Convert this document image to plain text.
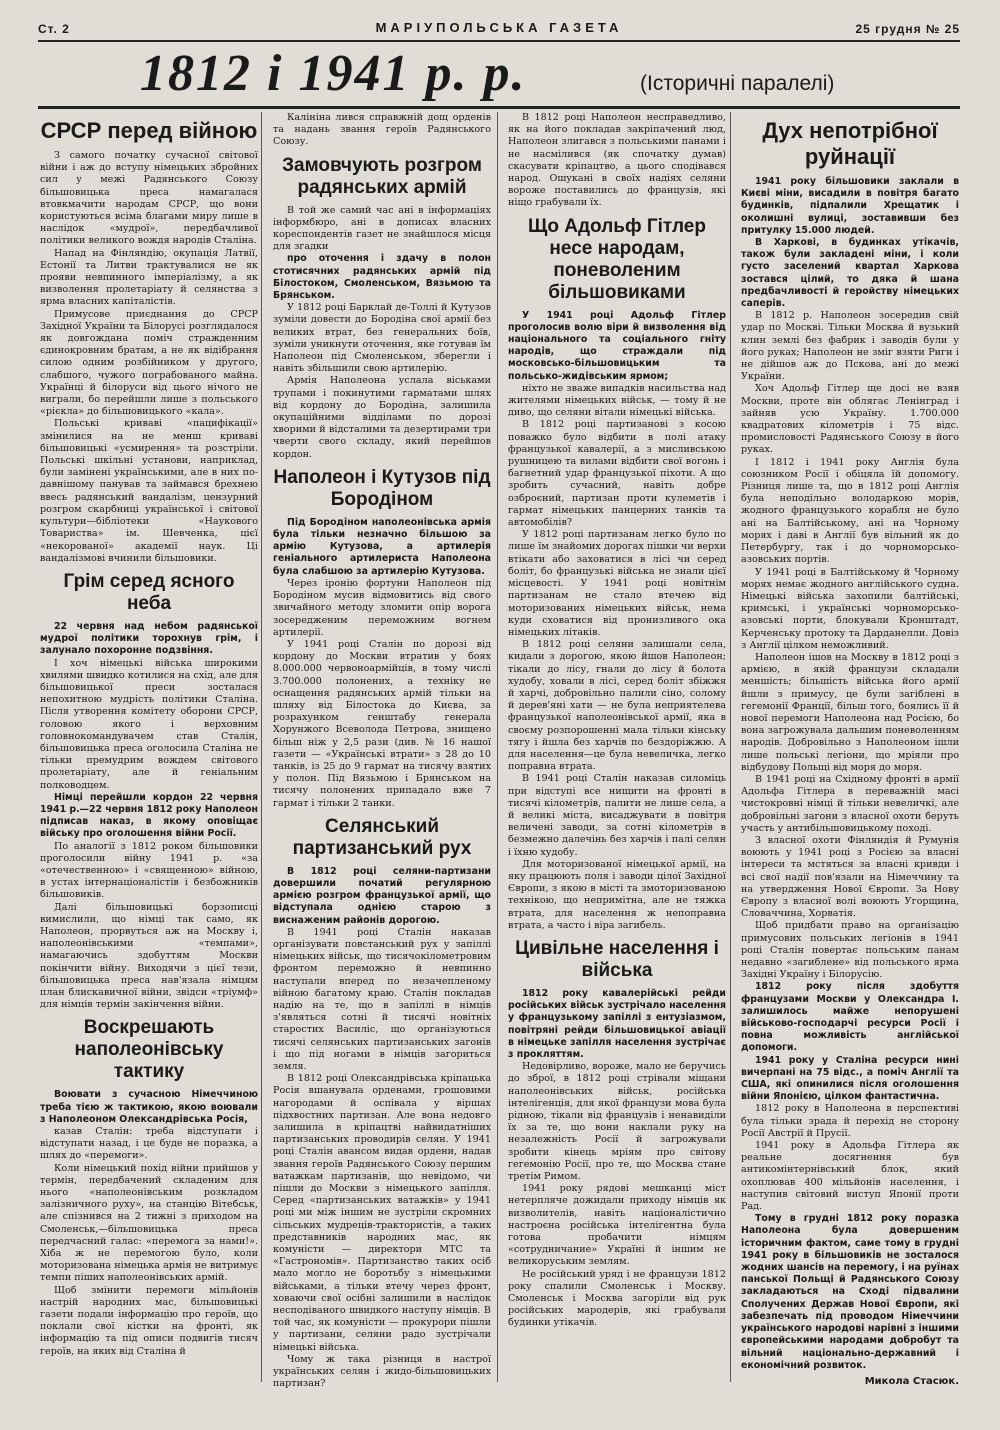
Ст. 2	МАРІУПОЛЬСЬКА ГАЗЕТА	25 грудня № 25
1812 і 1941 р. р.	(Історичні паралелі)
СРСР перед війною

З самого початку сучасної світової війни і аж до вступу німецьких збройних сил у межі Радянського Союзу більшовицька преса намагалася втовкмачити народам СРСР, що вони користуються всіма благами миру лише в наслідок «мудрої», передбачливої політики великого вождя народів Сталіна.

Напад на Фінляндію, окупація Латвії, Естонії та Литви трактувалися не як прояви невпинного імперіалізму, а як визволення пролетаріату й селянства з ярма власних капіталістів.

Примусове приєднання до СРСР Західної України та Білорусі розглядалося як довгождана поміч стражденним єдинокровним братам, а не як відібрання силою одним розбійником у другого, слабшого, чужого пограбованого майна. Українці й білоруси від цього нічого не виграли, бо перейшли лише з польського «рієкла» до більшовицького «кала».

Польські криваві «пацифікації» змінилися на не менш криваві більшовицькі «усмирення» та розстріли. Польські шкільні установи, наприклад, були замінені українськими, але в них по-давнішому панував та займався брехнею ввесь радянський вандалізм, цензурний розгром скарбниці української і світової культури—бібліотеки «Наукового Товариства» ім. Шевченка, цієї «некорованої» академії наук. Ці вандалізмові вчинили більшовики.

Грім серед ясного неба

22 червня над небом радянської мудрої політики торохнув грім, і залунало похоронне подзвіння.

І хоч німецькі війська широкими хвилями швидко котилися на схід, але для більшовицької преси зосталася непохитною мудрість політики Сталіна. Після утворення комітету оборони СРСР, головою якого і верховним головнокомандувачем став Сталін, більшовицька преса оголосила Сталіна не тільки премудрим вождем світового пролетаріату, але й геніальним полководцем.

Німці перейшли кордон 22 червня 1941 р.—22 червня 1812 року Наполеон підписав наказ, в якому оповіщає війську про оголошення війни Росії.

По аналогії з 1812 роком більшовики проголосили війну 1941 р. «за «отечественною» і «священною» війною, в устах інтернаціоналістів і безбожників більшовиків.

Далі більшовицькі борзописці вимислили, що німці так само, як Наполеон, прорвуться аж на Москву і, наполеонівськими «темпами», намагаючись здобуттям Москви покінчити війну. Виходячи з цієї тези, більшовицька преса нав'язала німцям план блискавичної війни, звідси «тріумф» для німців термін закінчення війни.

Воскрешають наполеонівську тактику

Воювати з сучасною Німеччиною треба тією ж тактикою, якою воювали з Наполеоном Олександрівська Росія,

казав Сталін: треба відступати і відступати назад, і це буде не поразка, а шлях до «перемоги».

Коли німецький похід війни прийшов у термін, передбачений складеним для нього «наполеонівським розкладом залізничного руху», на станцію Вітебськ, але спізнився на 2 тижні з приходом на Смоленськ,—більшовицька преса передчасний галас: «перемога за нами!». Хіба ж не перемогою було, коли моторизована німецька армія не витримує темпи піших наполеонівських армій.

Щоб змінити перемоги мільйонів настрій народних мас, більшовицькі газети подали інформацію про героїв, що поклали свої кістки на фронті, як інформацію та під описи подвигів тисяч героїв, на яких від Сталіна й

Калініна лився справжній дощ орденів та надань звання героїв Радянського Союзу.

Замовчують розгром радянських армій

В той же самий час ані в інформаціях інформбюро, ані в дописах власних кореспондентів газет не знайшлося місця для згадки

про оточення і здачу в полон стотисячних радянських армій під Білостоком, Смоленськом, Вязьмою та Брянськом.

У 1812 році Барклай де-Толлі й Кутузов зуміли довести до Бородіна свої армії без великих втрат, без генеральних боїв, зуміли уникнути оточення, яке готував їм Наполеон під Смоленськом, зберегли і навіть збільшили свою артилерію.

Армія Наполеона услала віськами трупами і покинутими гарматами шлях від кордону до Бородіна, залишила окупаційними відділами по дорозі хворими й відсталими та дезертирами три чверти свого складу, який перейшов кордон.

Наполеон і Кутузов під Бородіном

Під Бородіном наполеонівська армія була тільки незначно більшою за армію Кутузова, а артилерія геніального артилериста Наполеона була слабшою за артилерію Кутузова.

Через іронію фортуни Наполеон під Бородіном мусив відмовитись від свого звичайного методу зломити опір ворога зосередженим переможним вогнем артилерії.

У 1941 році Сталін по дорозі від кордону до Москви втратив у боях 8.000.000 червоноармійців, в тому числі 3.700.000 полонених, а техніку не оснащення радянських армій тільки на шляху від Білостока до Києва, за розрахунком генштабу генерала Хорунжого Всеволода Петрова, знищено більш ніж у 2,5 рази (див. № 16 нашої газети — «Українські втрати» з 28 до 10 танків, із 25 до 9 гармат на тисячу взятих у полон. Під Вязьмою і Брянськом на тисячу полонених припадало вже 7 гармат і тільки 2 танки.

Селянський партизанський рух

В 1812 році селяни-партизани довершили початий регулярною армією розгром французької армії, що відступала однією старою з виснаженим районів дорогою.

В 1941 році Сталін наказав організувати повстанський рух у запіллі німецьких військ, що тисячокілометровим фронтом переможно й невпинно наступали вперед по незачепленому війною багатому краю. Сталін покладав надію на те, що в запіллі в німців з'являться сотні й тисячі новітніх старостиx Василіс, що організуються тисячі селянських партизанських загонів і що під ногами в німців загориться земля.

В 1812 році Олександрівська кріпацька Росія вшанувала орденами, грошовими нагородами й оспівала у віршах підхвостних партизан. Але вона недовго залишила в кріпацтві найвидатніших партизанських проводирів селян. У 1941 році Сталін авансом видав ордени, надав звання героїв Радянського Союзу першим ватажкам партизанів, що невідомо, чи пішли до Москви з німецького запілля. Серед «партизанських ватажків» у 1941 році ми між іншим не зустріли скромних сільських мудреців-трактористів, а таких представників народних мас, як комуністи — директори МТС та «Гастрономів». Партизанство таких осіб мало могло не боротьбу з німецькими військами, а тільки втечу через фронт, ховаючи свої осібні залишили в наслідок несподіваного швидкого наступу німців. В той час, як комуністи — прокурори пішли у партизани, селяни радо зустрічали німецькі війська.

Чому ж така різниця в настрої українських селян і жидо-більшовицьких партизан?

В 1812 році Наполеон несправедливо, як на його покладав закріпачений люд, Наполеон злигався з польськими панами і не насмілився (як спочатку думав) скасувати кріпацтво, а цього сподівався народ. Ошукані в своїх надіях селяни вороже поставились до французів, які ніщо грабували їх.

Що Адольф Гітлер несе народам, поневоленим більшовиками

У 1941 році Адольф Гітлер проголосив волю віри й визволення від національного та соціального гніту народів, що страждали під московсько-більшовицьким та польсько-жидівським ярмом;

ніхто не зваже випадків насильства над жителями німецьких військ, — тому й не диво, що селяни вітали німецькі війська.

В 1812 році партизанові з косою поважко було відбити в полі атаку французької кавалерії, а з мисливською рушницею та вилами відбити свої вогонь і багнетний удар французької піхоти. А що зробить сучасний, навіть добре озброєний, партизан проти кулеметів і гармат німецьких панцерних танків та автомобілів?

У 1812 році партизанам легко було по лише їм знайомих дорогах пішки чи верхи втікати або заховатися в лісі чи серед боліт, бо французькі війська не знали цієї місцевості. У 1941 році новітнім партизанам не стало втечею від моторизованих німецьких військ, нема куди сховатися від пронизливого ока німецьких літаків.

В 1812 році селяни залишали села, кидали з дорогою, якою йшов Наполеон; тікали до лісу, гнали до лісу й болота худобу, ховали в лісі, серед боліт збіжжя й харчі, добровільно палили сіно, солому й дерев'яні хати — не була неприятелева французької наполеонівської армії, яка в своєму розпорошенні мала тільки кінську тягу і йшла без харчів по бездоріжжю. А для населення—це була невеличка, легко поправна втрата.

В 1941 році Сталін наказав силоміць при відступі все нищити на фронті в тисячі кілометрів, палити не лише села, а й великі міста, висаджувати в повітря величені заводи, за сотні кілометрів в безмежно далечінь без харчів і палі селян і їхню худобу.

Для моторизованої німецької армії, на яку працюють поля і заводи цілої Західної Європи, з якою в місті та змоторизованою технікою, що непримітна, але не тяжка втрата, для населення ж непоправна втрата, а часто і віра загибель.

Цивільне населення і війська

1812 року кавалерійські рейди російських військ зустрічало населення у французькому запіллі з ентузіазмом, повітряні рейди більшовицької авіації в німецьке запілля населення зустрічає з прокляттям.

Недовірливо, вороже, мало не беручись до зброї, в 1812 році стрівали міщани наполеонівських військ, російська інтелігенція, для якої французи мова була рідною, тікали від французів і ненавиділи їх за те, що вони наклали руку на незалежність Росії й загрожували зробити кінець мріям про світову гегемонію Росії, про те, що Москва стане третім Римом.

1941 року рядові мешканці міст нетерпляче дожидали приходу німців як визволителів, навіть націоналістично настроєна російська інтелігентна була готова пробачити німцям «сотрудничание» Україні й іншим не великоруським землям.

Не російський уряд і не французи 1812 року спалили Смоленськ і Москву. Смоленськ і Москва загоріли від рук російських мародерів, які грабували будинки утікачів.

Дух непотрібної руйнації

1941 року більшовики заклали в Києві міни, висадили в повітря багато будинків, підпалили Хрещатик і околишні вулиці, зоставивши без притулку 15.000 людей.

В Харкові, в будинках утікачів, також були закладені міни, і коли густо заселений квартал Харкова зостався цілий, то дяка й шана предбачливості й геройству німецьких саперів.

В 1812 р. Наполеон зосередив свій удар по Москві. Тільки Москва й вузький клин землі без фабрик і заводів були у його руках; Наполеон не зміг взяти Риги і не дійшов аж до Пскова, ані до межі України.

Хоч Адольф Гітлер ще досі не взяв Москви, проте він облягає Ленінград і зайняв усю Україну. 1.700.000 квадратових кілометрів і 75 відс. промисловості Радянського Союзу в його руках.

І 1812 і 1941 року Англія була союзником Росії і обіцяла їй допомогу. Різниця лише та, що в 1812 році Англія була неподільно володаркою морів, жодного французького корабля не було ані на Балтійському, ані на Чорному морях і даві в Англії був вільний як до Петербургу, так і до чорноморсько-азовських портів.

У 1941 році в Балтійському й Чорному морях немає жодного англійського судна. Німецькі війська захопили балтійські, кримські, і українські чорноморсько-азовські порти, блокували Кронштадт, Керченську протоку та Дарданелли. Довіз з Англії цілком неможливий.

Наполеон ішов на Москву в 1812 році з армією, в якій французи складали меншість; більшість війська його армії йшли з примусу, це були загіблені в гегемонії Франції, більш того, боялись її й нової перемоги Наполеона над Росією, бо вона загрожувала дальшим поневоленням народів. Добровільно з Наполеоном ішли лише польські легіони, що мріяли про відбудову Польщі від моря до моря.

В 1941 році на Східному фронті в армії Адольфа Гітлера в переважній масі чистокровні німці й тільки невеличкі, але добровільні загони з власної охоти беруть участь у антибільшовицькому поході.

З власної охоти Фінляндія й Румунія воюють у 1941 році з Росією за власні інтереси та мстяться за власні кривди і всі свої надії пов'язали на Німеччину та на утвердження Нової Європи. За Нову Європу з власної волі воюють Угорщина, Словаччина, Хорватія.

Щоб придбати право на організацію примусових польських легіонів в 1941 році Сталін повертає польським панам недавно «загиблене» від польського ярма Західні Україну і Білорусію.

1812 року після здобуття французами Москви у Олександра І. залишилось майже непорушені військово-господарчі ресурси Росії і повна можливість англійської допомоги.

1941 року у Сталіна ресурси нині вичерпані на 75 відс., а поміч Англії та США, які опинилися після оголошення війни Японією, цілком фантастична.

1812 року в Наполеона в перспективі була тільки зрада й перехід не сторону Росії Австрії й Прусії.

1941 року в Адольфа Гітлера як реальне досягнення був антикомінтернівський блок, який охоплював 400 мільйонів населення, і наступив світовий виступ Японії проти Рад.

Тому в грудні 1812 року поразка Наполеона була довершеним історичним фактом, саме тому в грудні 1941 року в більшовиків не зосталося жодних шансів на перемогу, і на руїнах панської Польщі й Радянського Союзу закладаються на Сході підвалини Сполучених Держав Нової Європи, які забезпечать під проводом Німеччини українського народові нарівні з іншими європейськими народами добробут та вільний національно-державний і економічний розвиток.

Микола Стасюк.
